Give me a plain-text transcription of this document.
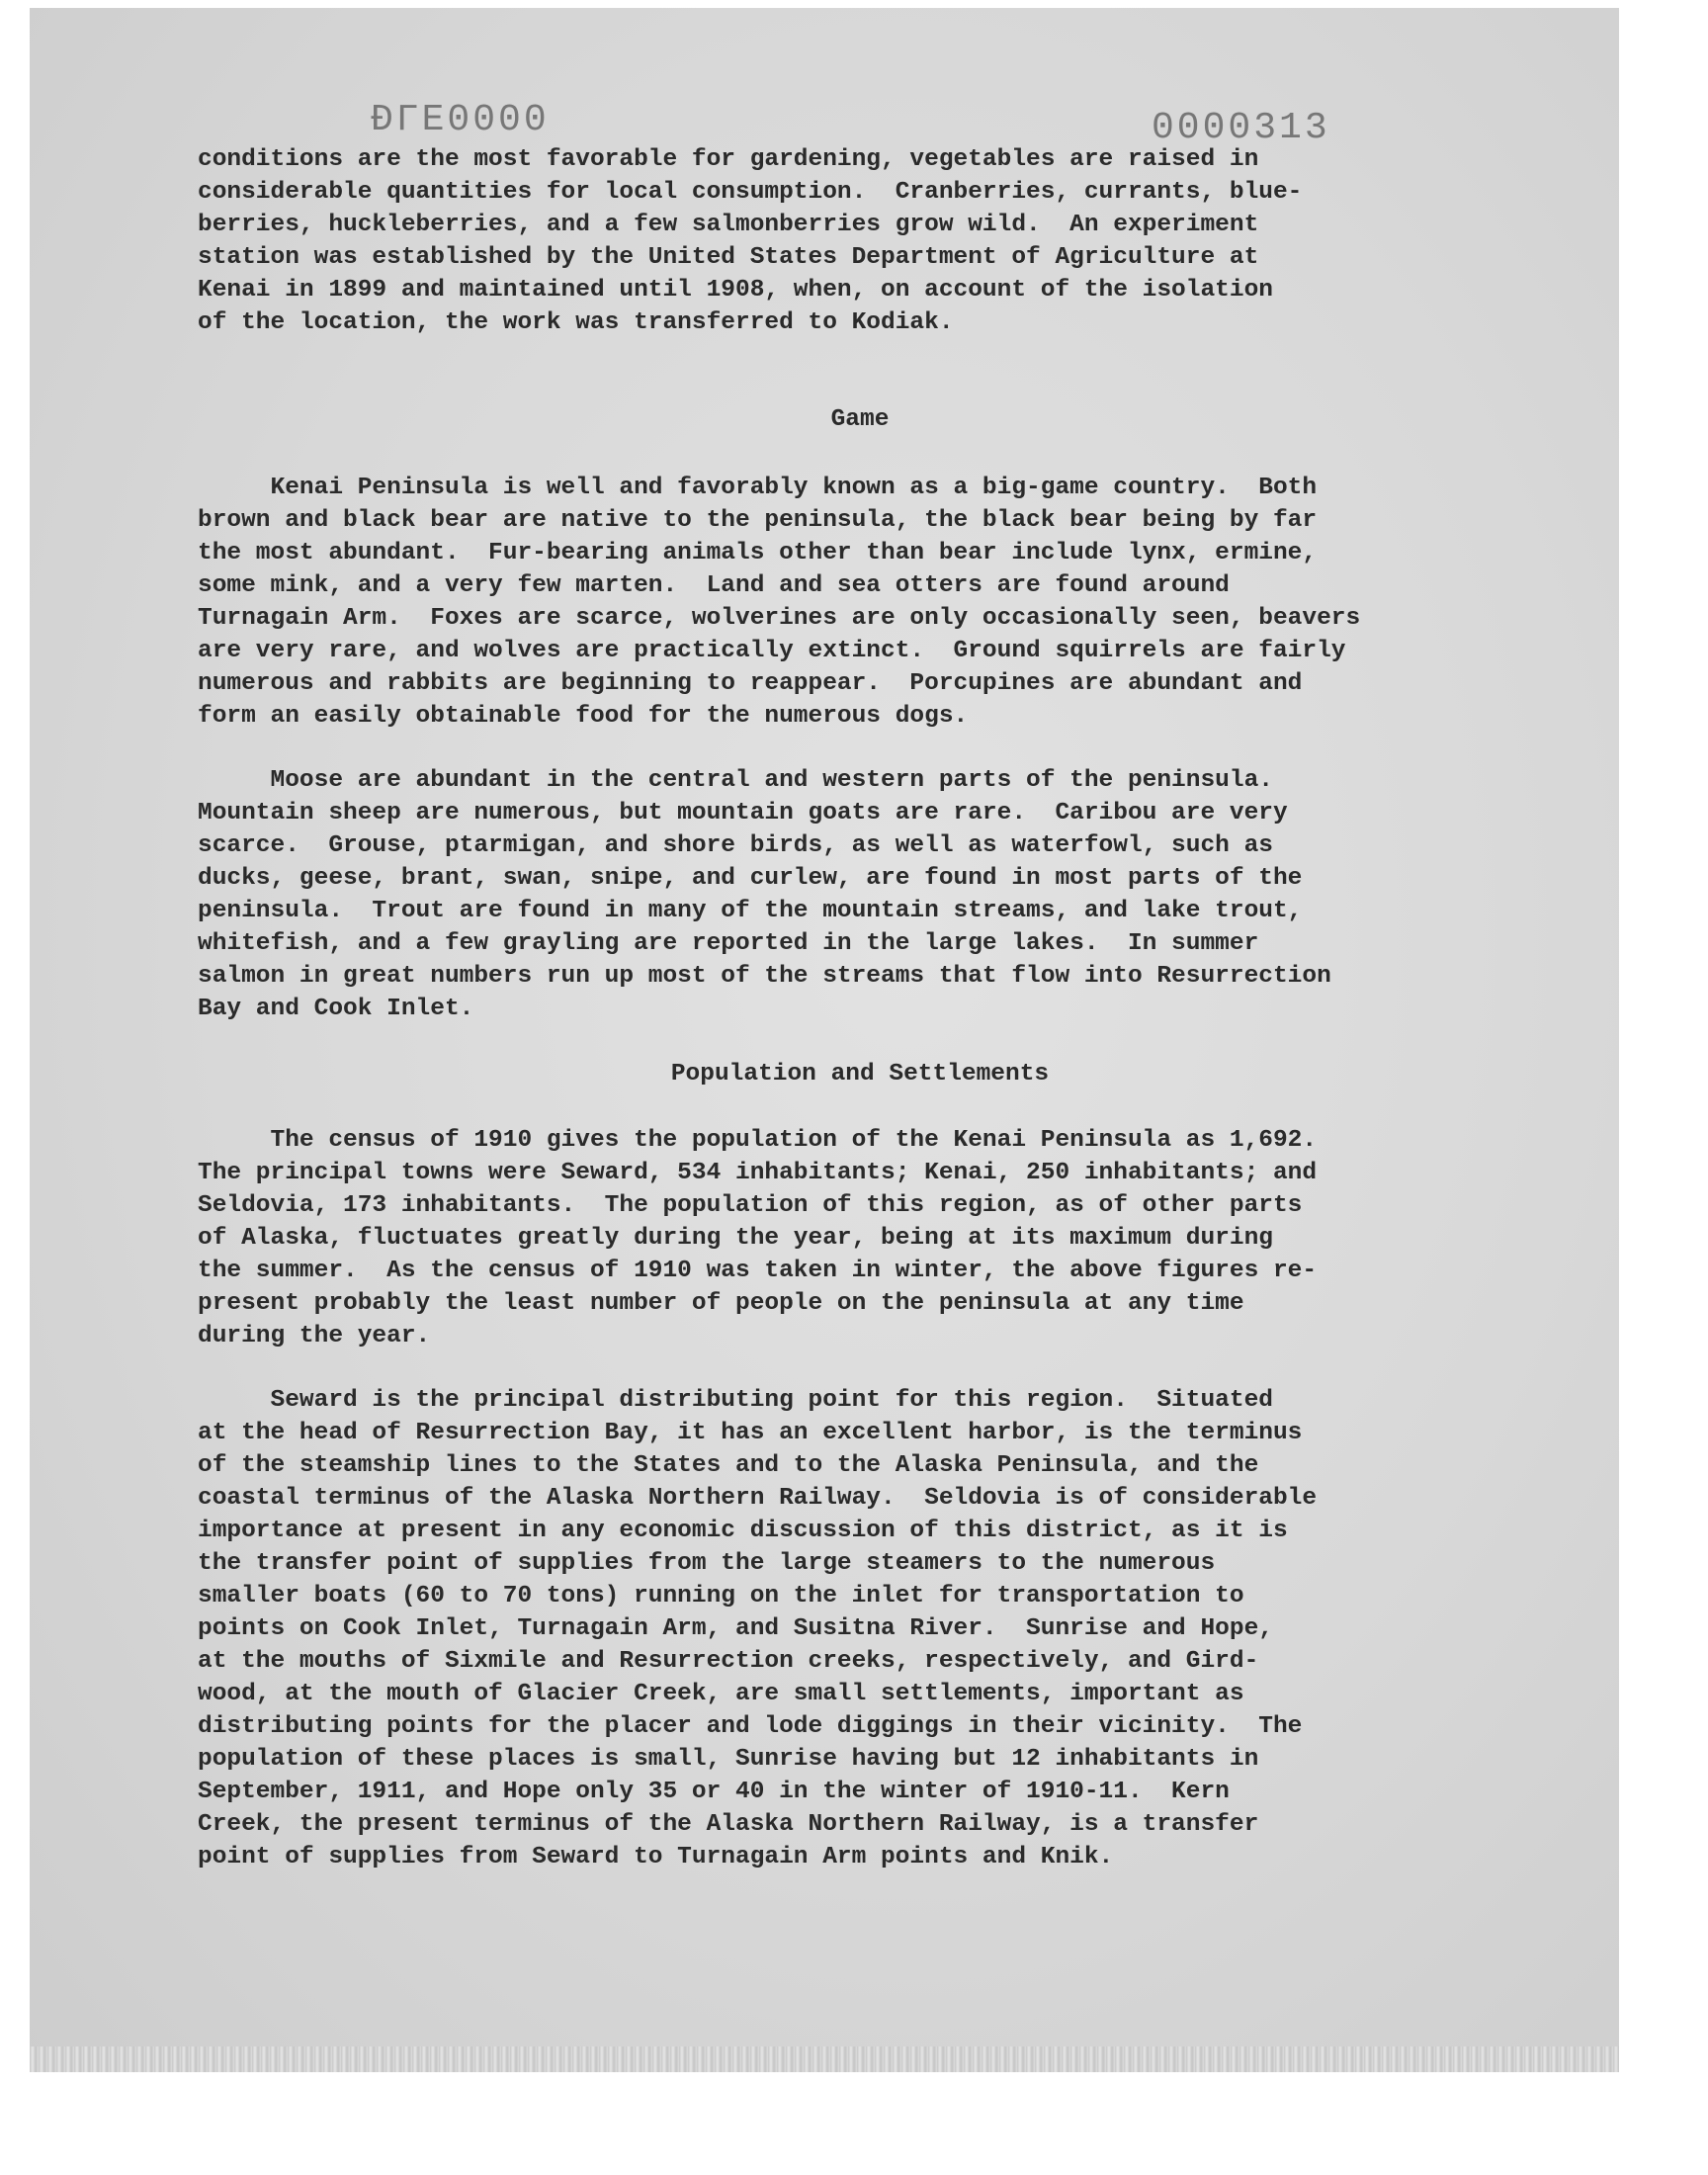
ĐΓΕ0000	0000313
conditions are the most favorable for gardening, vegetables are raised in
considerable quantities for local consumption.  Cranberries, currants, blue-
berries, huckleberries, and a few salmonberries grow wild.  An experiment
station was established by the United States Department of Agriculture at
Kenai in 1899 and maintained until 1908, when, on account of the isolation
of the location, the work was transferred to Kodiak.
Game
Kenai Peninsula is well and favorably known as a big-game country.  Both
brown and black bear are native to the peninsula, the black bear being by far
the most abundant.  Fur-bearing animals other than bear include lynx, ermine,
some mink, and a very few marten.  Land and sea otters are found around
Turnagain Arm.  Foxes are scarce, wolverines are only occasionally seen, beavers
are very rare, and wolves are practically extinct.  Ground squirrels are fairly
numerous and rabbits are beginning to reappear.  Porcupines are abundant and
form an easily obtainable food for the numerous dogs.
Moose are abundant in the central and western parts of the peninsula.
Mountain sheep are numerous, but mountain goats are rare.  Caribou are very
scarce.  Grouse, ptarmigan, and shore birds, as well as waterfowl, such as
ducks, geese, brant, swan, snipe, and curlew, are found in most parts of the
peninsula.  Trout are found in many of the mountain streams, and lake trout,
whitefish, and a few grayling are reported in the large lakes.  In summer
salmon in great numbers run up most of the streams that flow into Resurrection
Bay and Cook Inlet.
Population and Settlements
The census of 1910 gives the population of the Kenai Peninsula as 1,692.
The principal towns were Seward, 534 inhabitants; Kenai, 250 inhabitants; and
Seldovia, 173 inhabitants.  The population of this region, as of other parts
of Alaska, fluctuates greatly during the year, being at its maximum during
the summer.  As the census of 1910 was taken in winter, the above figures re-
present probably the least number of people on the peninsula at any time
during the year.
Seward is the principal distributing point for this region.  Situated
at the head of Resurrection Bay, it has an excellent harbor, is the terminus
of the steamship lines to the States and to the Alaska Peninsula, and the
coastal terminus of the Alaska Northern Railway.  Seldovia is of considerable
importance at present in any economic discussion of this district, as it is
the transfer point of supplies from the large steamers to the numerous
smaller boats (60 to 70 tons) running on the inlet for transportation to
points on Cook Inlet, Turnagain Arm, and Susitna River.  Sunrise and Hope,
at the mouths of Sixmile and Resurrection creeks, respectively, and Gird-
wood, at the mouth of Glacier Creek, are small settlements, important as
distributing points for the placer and lode diggings in their vicinity.  The
population of these places is small, Sunrise having but 12 inhabitants in
September, 1911, and Hope only 35 or 40 in the winter of 1910-11.  Kern
Creek, the present terminus of the Alaska Northern Railway, is a transfer
point of supplies from Seward to Turnagain Arm points and Knik.
